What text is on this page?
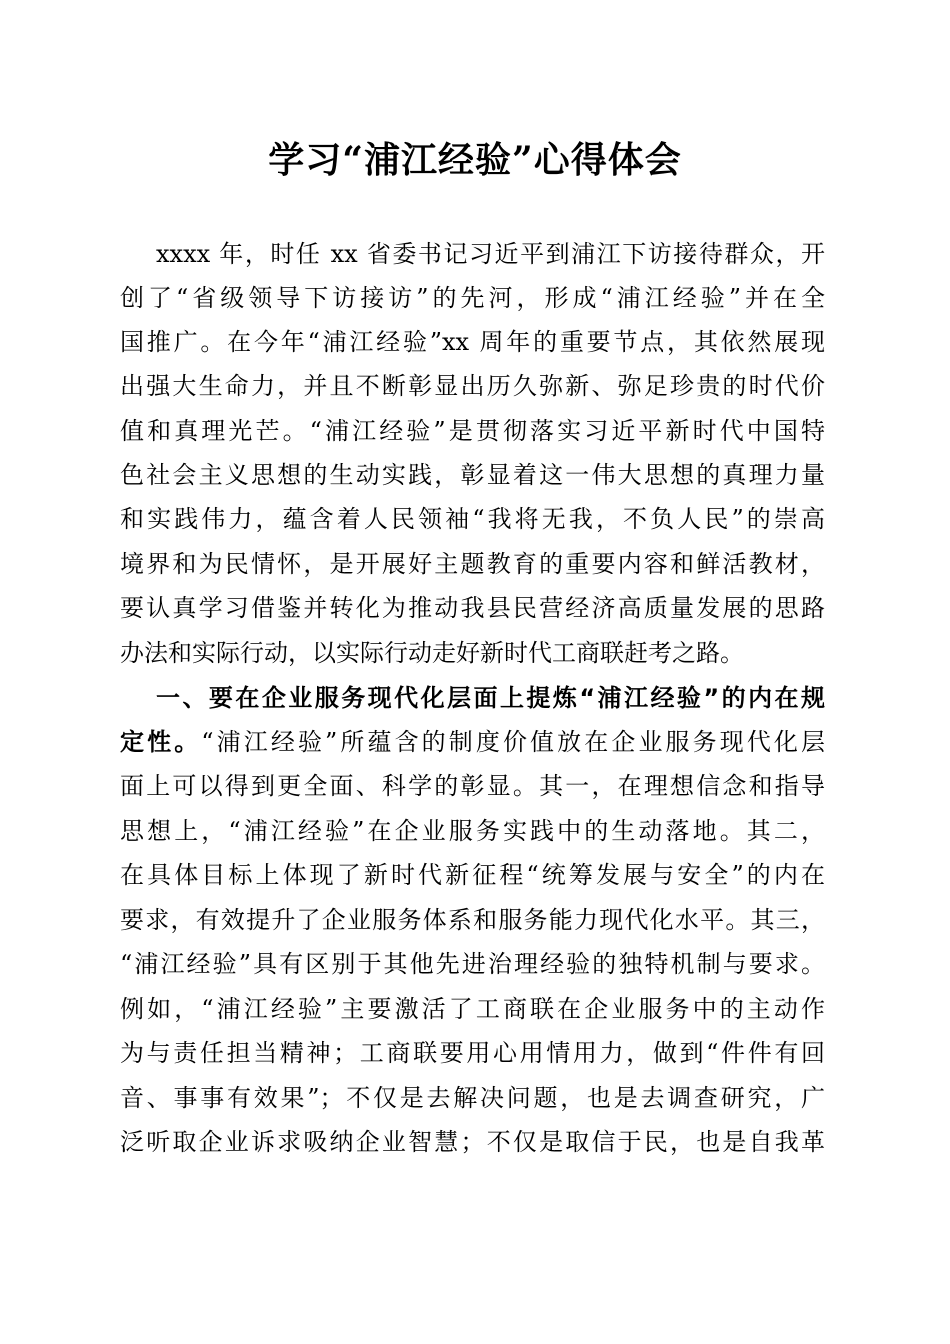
学习“浦江经验”心得体会
xxxx 年，时任 xx 省委书记习近平到浦江下访接待群众，开
创了“省级领导下访接访”的先河，形成“浦江经验”并在全
国推广。在今年“浦江经验”xx 周年的重要节点，其依然展现
出强大生命力，并且不断彰显出历久弥新、弥足珍贵的时代价
值和真理光芒。“浦江经验”是贯彻落实习近平新时代中国特
色社会主义思想的生动实践，彰显着这一伟大思想的真理力量
和实践伟力，蕴含着人民领袖“我将无我，不负人民”的崇高
境界和为民情怀，是开展好主题教育的重要内容和鲜活教材，
要认真学习借鉴并转化为推动我县民营经济高质量发展的思路
办法和实际行动，以实际行动走好新时代工商联赶考之路。
一、要在企业服务现代化层面上提炼“浦江经验”的内在规
定性。“浦江经验”所蕴含的制度价值放在企业服务现代化层
面上可以得到更全面、科学的彰显。其一，在理想信念和指导
思想上，“浦江经验”在企业服务实践中的生动落地。其二，
在具体目标上体现了新时代新征程“统筹发展与安全”的内在
要求，有效提升了企业服务体系和服务能力现代化水平。其三，
“浦江经验”具有区别于其他先进治理经验的独特机制与要求。
例如，“浦江经验”主要激活了工商联在企业服务中的主动作
为与责任担当精神；工商联要用心用情用力，做到“件件有回
音、事事有效果”；不仅是去解决问题，也是去调查研究，广
泛听取企业诉求吸纳企业智慧；不仅是取信于民，也是自我革
